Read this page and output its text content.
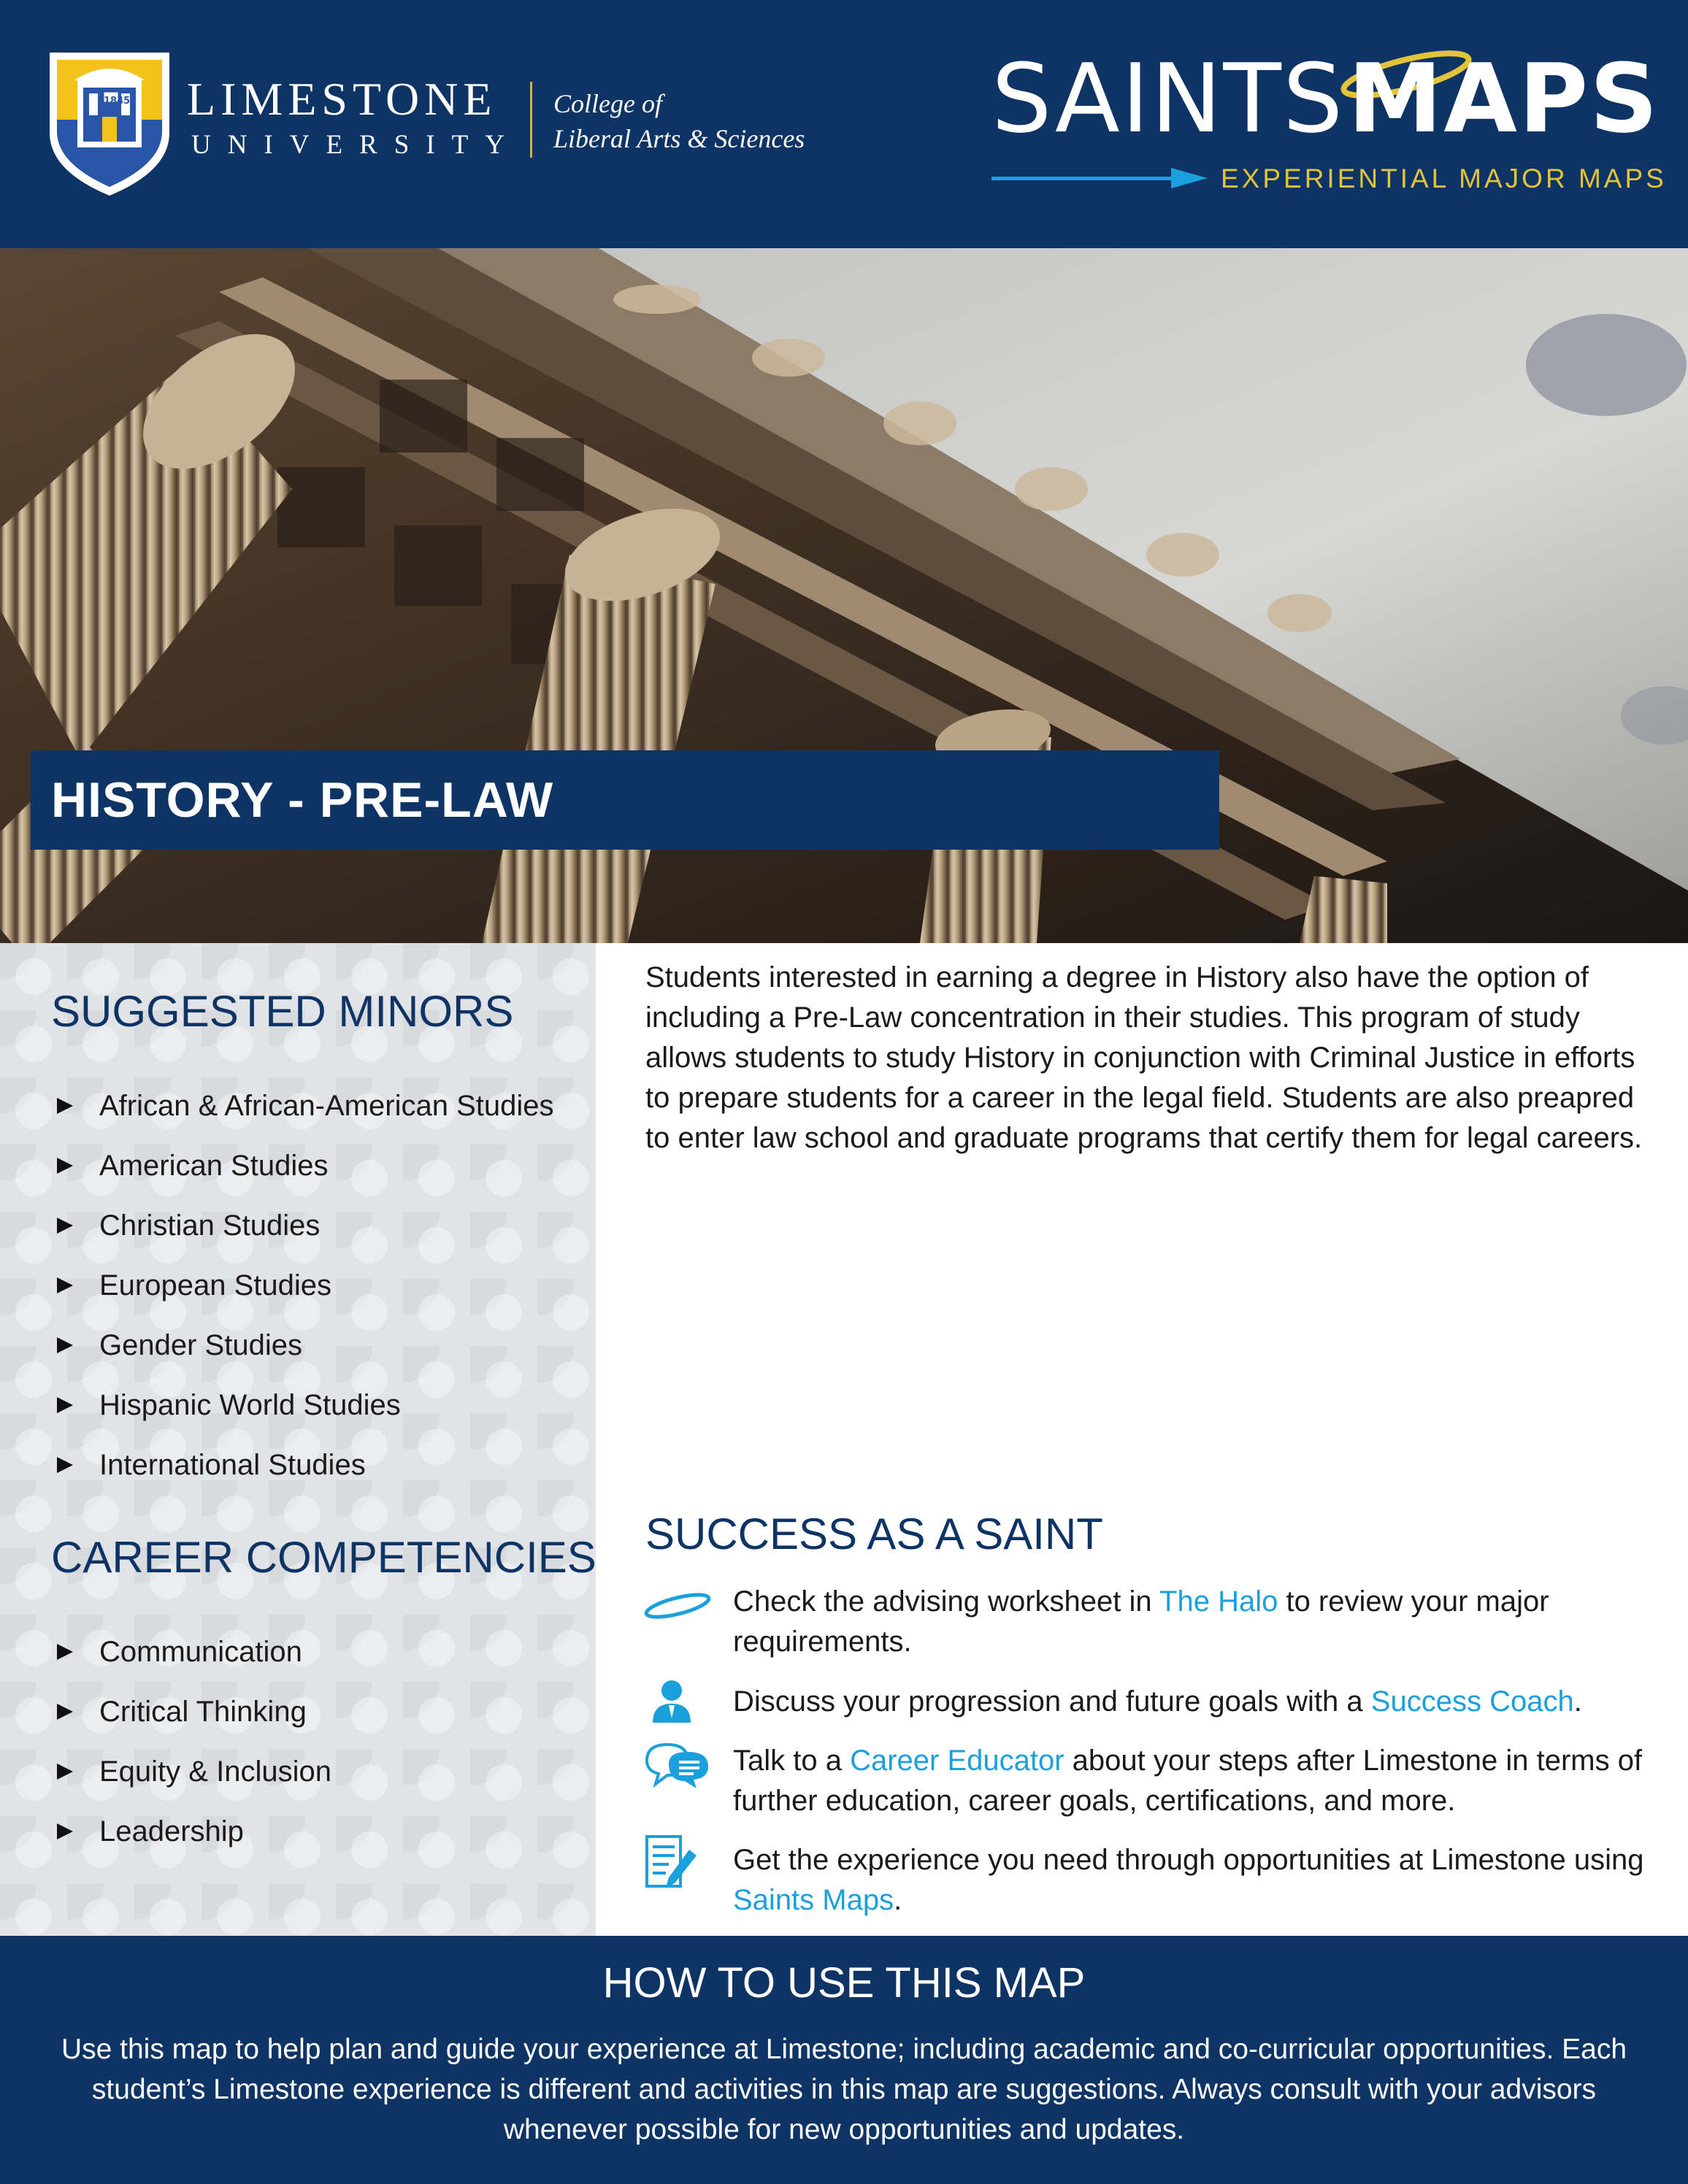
1845 LIMESTONE
UNIVERSITY
College of
Liberal Arts & Sciences SAINTS MAPS
EXPERIENTIAL MAJOR MAPS
HISTORY - PRE-LAW
SUGGESTED MINORS
African & African-American Studies
American Studies
Christian Studies
European Studies
Gender Studies
Hispanic World Studies
International Studies
CAREER COMPETENCIES
Communication
Critical Thinking
Equity & Inclusion
Leadership

Students interested in earning a degree in History also have the option of including a Pre-Law concentration in their studies. This program of study allows students to study History in conjunction with Criminal Justice in efforts to prepare students for a career in the legal field. Students are also preapred to enter law school and graduate programs that certify them for legal careers.

SUCCESS AS A SAINT
Check the advising worksheet in The Halo to review your major requirements.
Discuss your progression and future goals with a Success Coach.
Talk to a Career Educator about your steps after Limestone in terms of further education, career goals, certifications, and more.
Get the experience you need through opportunities at Limestone using Saints Maps.
HOW TO USE THIS MAP

Use this map to help plan and guide your experience at Limestone; including academic and co-curricular opportunities. Each student’s Limestone experience is different and activities in this map are suggestions. Always consult with your advisors whenever possible for new opportunities and updates.
